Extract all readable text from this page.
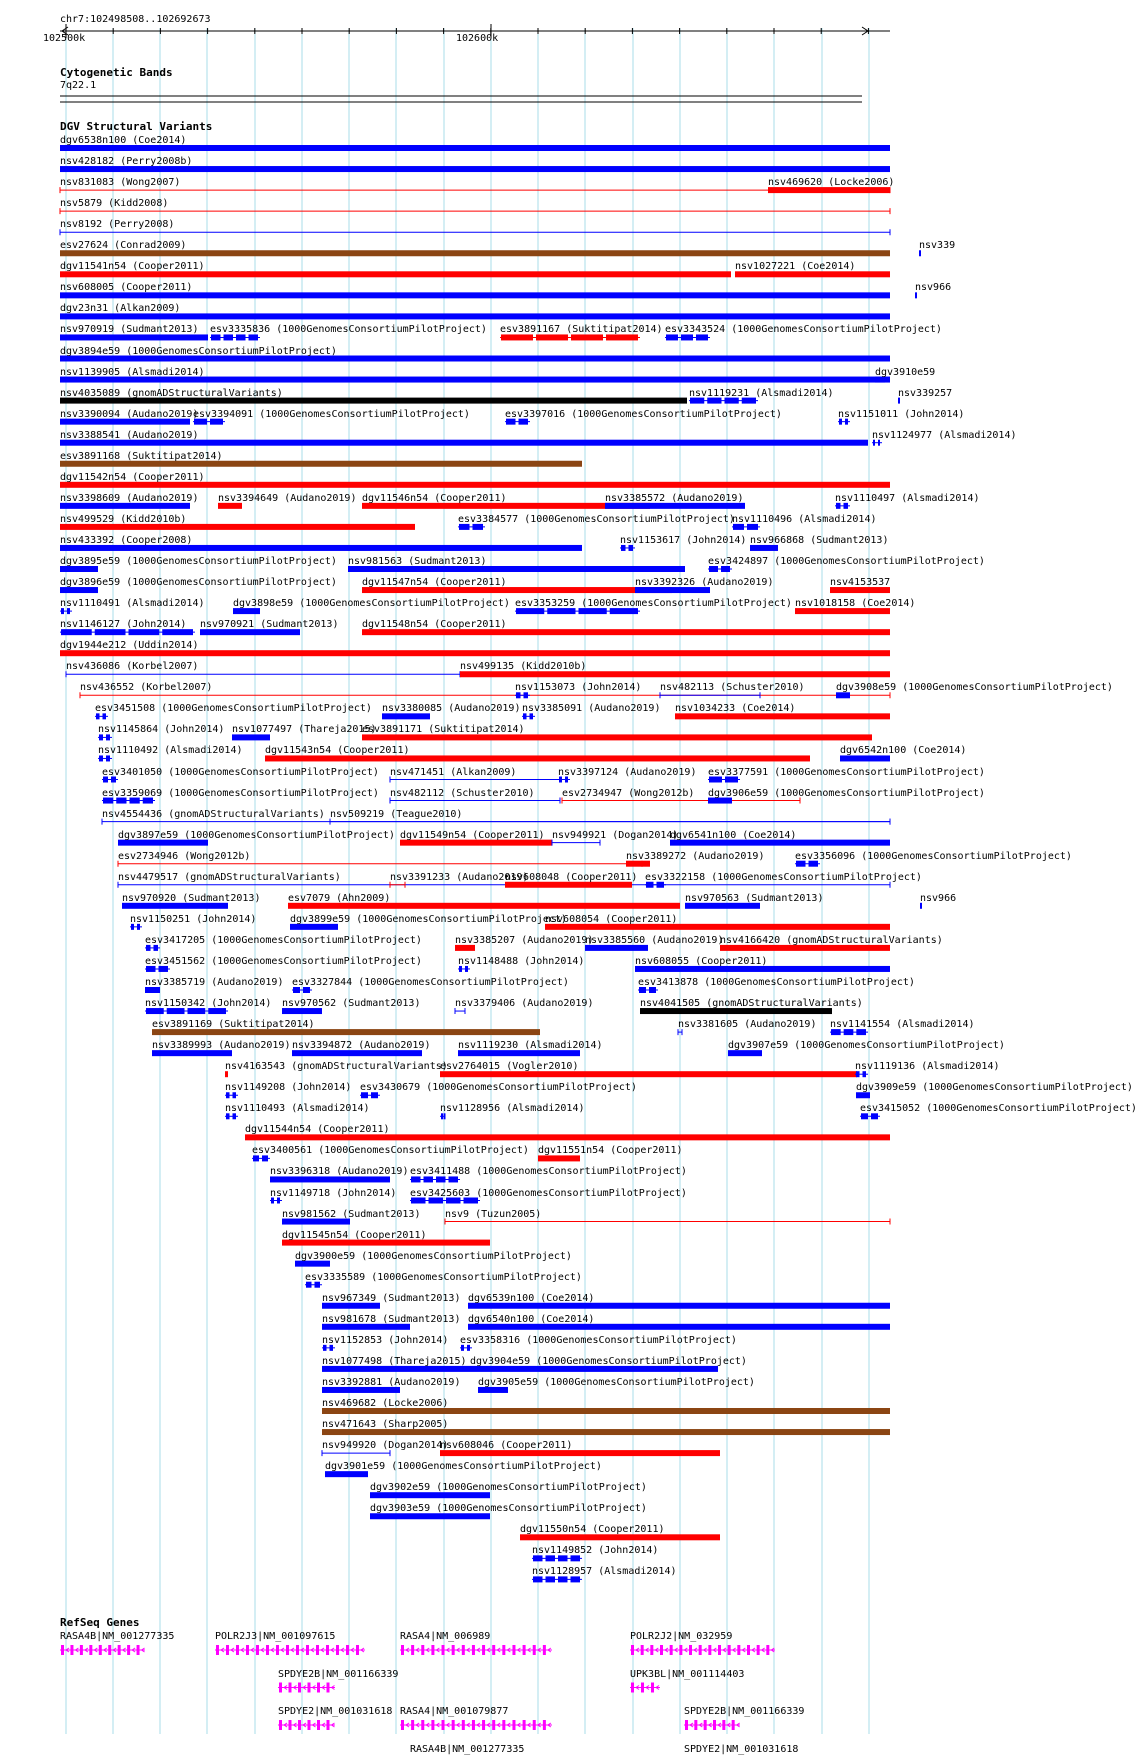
chr7:102498508..102692673
102500k	102600k
Cytogenetic Bands
7q22.1
DGV Structural Variants
RefSeq Genes
dgv6538n100 (Coe2014)
nsv428182 (Perry2008b)
nsv831083 (Wong2007)	nsv469620 (Locke2006)
nsv5879 (Kidd2008)
nsv8192 (Perry2008)
esv27624 (Conrad2009)	nsv339
dgv11541n54 (Cooper2011)	nsv1027221 (Coe2014)
nsv608005 (Cooper2011)	nsv966
dgv23n31 (Alkan2009)
nsv970919 (Sudmant2013) esv3335836 (1000GenomesConsortiumPilotProject) esv3891167 (Suktitipat2014) esv3343524 (1000GenomesConsortiumPilotProject)
dgv3894e59 (1000GenomesConsortiumPilotProject)
nsv1139905 (Alsmadi2014)	dgv3910e59
nsv4035089 (gnomADStructuralVariants)	nsv1119231 (Alsmadi2014)	nsv339257
nsv3390094 (Audano2019)
esv3394091 (1000GenomesConsortiumPilotProject)	esv3397016 (1000GenomesConsortiumPilotProject)	nsv1151011 (John2014)
nsv3388541 (Audano2019)	nsv1124977 (Alsmadi2014)
esv3891168 (Suktitipat2014)
dgv11542n54 (Cooper2011)
nsv3398609 (Audano2019) nsv3394649 (Audano2019) dgv11546n54 (Cooper2011)	nsv3385572 (Audano2019)	nsv1110497 (Alsmadi2014)
nsv499529 (Kidd2010b)	esv3384577 (1000GenomesConsortiumPilotProject)
nsv1110496 (Alsmadi2014)
nsv433392 (Cooper2008)	nsv1153617 (John2014) nsv966868 (Sudmant2013)
dgv3895e59 (1000GenomesConsortiumPilotProject) nsv981563 (Sudmant2013)	esv3424897 (1000GenomesConsortiumPilotProject)
dgv3896e59 (1000GenomesConsortiumPilotProject)	dgv11547n54 (Cooper2011)	nsv3392326 (Audano2019)	nsv4153537
nsv1110491 (Alsmadi2014)	dgv3898e59 (1000GenomesConsortiumPilotProject) esv3353259 (1000GenomesConsortiumPilotProject) nsv1018158 (Coe2014)
nsv1146127 (John2014) nsv970921 (Sudmant2013) dgv11548n54 (Cooper2011)
dgv1944e212 (Uddin2014)
nsv436086 (Korbel2007)	nsv499135 (Kidd2010b)
nsv436552 (Korbel2007)	nsv1153073 (John2014) nsv482113 (Schuster2010)	dgv3908e59 (1000GenomesConsortiumPilotProject)
esv3451508 (1000GenomesConsortiumPilotProject) nsv3380085 (Audano2019) nsv3385091 (Audano2019) nsv1034233 (Coe2014)
nsv1145864 (John2014) nsv1077497 (Thareja2015)
esv3891171 (Suktitipat2014)
nsv1110492 (Alsmadi2014) dgv11543n54 (Cooper2011)	dgv6542n100 (Coe2014)
esv3401050 (1000GenomesConsortiumPilotProject) nsv471451 (Alkan2009)	nsv3397124 (Audano2019) esv3377591 (1000GenomesConsortiumPilotProject)
esv3359069 (1000GenomesConsortiumPilotProject) nsv482112 (Schuster2010)	esv2734947 (Wong2012b) dgv3906e59 (1000GenomesConsortiumPilotProject)
nsv4554436 (gnomADStructuralVariants) nsv509219 (Teague2010)
dgv3897e59 (1000GenomesConsortiumPilotProject) dgv11549n54 (Cooper2011) nsv949921 (Dogan2014)
dgv6541n100 (Coe2014)
esv2734946 (Wong2012b)	nsv3389272 (Audano2019)	esv3356096 (1000GenomesConsortiumPilotProject)
nsv4479517 (gnomADStructuralVariants)	nsv3391233 (Audano2019)
nsv608048 (Cooper2011) esv3322158 (1000GenomesConsortiumPilotProject)
nsv970920 (Sudmant2013)	esv7079 (Ahn2009)	nsv970563 (Sudmant2013)	nsv966
nsv1150251 (John2014)	dgv3899e59 (1000GenomesConsortiumPilotProject)
nsv608054 (Cooper2011)
esv3417205 (1000GenomesConsortiumPilotProject)	nsv3385207 (Audano2019)
nsv3385560 (Audano2019)
nsv4166420 (gnomADStructuralVariants)
esv3451562 (1000GenomesConsortiumPilotProject)	nsv1148488 (John2014)	nsv608055 (Cooper2011)
nsv3385719 (Audano2019) esv3327844 (1000GenomesConsortiumPilotProject)	esv3413878 (1000GenomesConsortiumPilotProject)
nsv1150342 (John2014) nsv970562 (Sudmant2013)	nsv3379406 (Audano2019)	nsv4041505 (gnomADStructuralVariants)
esv3891169 (Suktitipat2014)	nsv3381605 (Audano2019) nsv1141554 (Alsmadi2014)
nsv3389993 (Audano2019) nsv3394872 (Audano2019)	nsv1119230 (Alsmadi2014)	dgv3907e59 (1000GenomesConsortiumPilotProject)
nsv4163543 (gnomADStructuralVariants)
esv2764015 (Vogler2010)	nsv1119136 (Alsmadi2014)
nsv1149208 (John2014) esv3430679 (1000GenomesConsortiumPilotProject)	dgv3909e59 (1000GenomesConsortiumPilotProject)
nsv1110493 (Alsmadi2014)	nsv1128956 (Alsmadi2014)	esv3415052 (1000GenomesConsortiumPilotProject)
dgv11544n54 (Cooper2011)
esv3400561 (1000GenomesConsortiumPilotProject) dgv11551n54 (Cooper2011)
nsv3396318 (Audano2019) esv3411488 (1000GenomesConsortiumPilotProject)
nsv1149718 (John2014) esv3425603 (1000GenomesConsortiumPilotProject)
nsv981562 (Sudmant2013) nsv9 (Tuzun2005)
dgv11545n54 (Cooper2011)
dgv3900e59 (1000GenomesConsortiumPilotProject)
esv3335589 (1000GenomesConsortiumPilotProject)
nsv967349 (Sudmant2013) dgv6539n100 (Coe2014)
nsv981678 (Sudmant2013) dgv6540n100 (Coe2014)
nsv1152853 (John2014) esv3358316 (1000GenomesConsortiumPilotProject)
nsv1077498 (Thareja2015) dgv3904e59 (1000GenomesConsortiumPilotProject)
nsv3392881 (Audano2019) dgv3905e59 (1000GenomesConsortiumPilotProject)
nsv469682 (Locke2006)
nsv471643 (Sharp2005)
nsv949920 (Dogan2014)
nsv608046 (Cooper2011)
dgv3901e59 (1000GenomesConsortiumPilotProject)
dgv3902e59 (1000GenomesConsortiumPilotProject)
dgv3903e59 (1000GenomesConsortiumPilotProject)
dgv11550n54 (Cooper2011)
nsv1149852 (John2014)
nsv1128957 (Alsmadi2014)
RASA4B|NM_001277335	POLR2J3|NM_001097615	RASA4|NM_006989	POLR2J2|NM_032959
SPDYE2B|NM_001166339	UPK3BL|NM_001114403
SPDYE2|NM_001031618 RASA4|NM_001079877	SPDYE2B|NM_001166339
RASA4B|NM_001277335	SPDYE2|NM_001031618
